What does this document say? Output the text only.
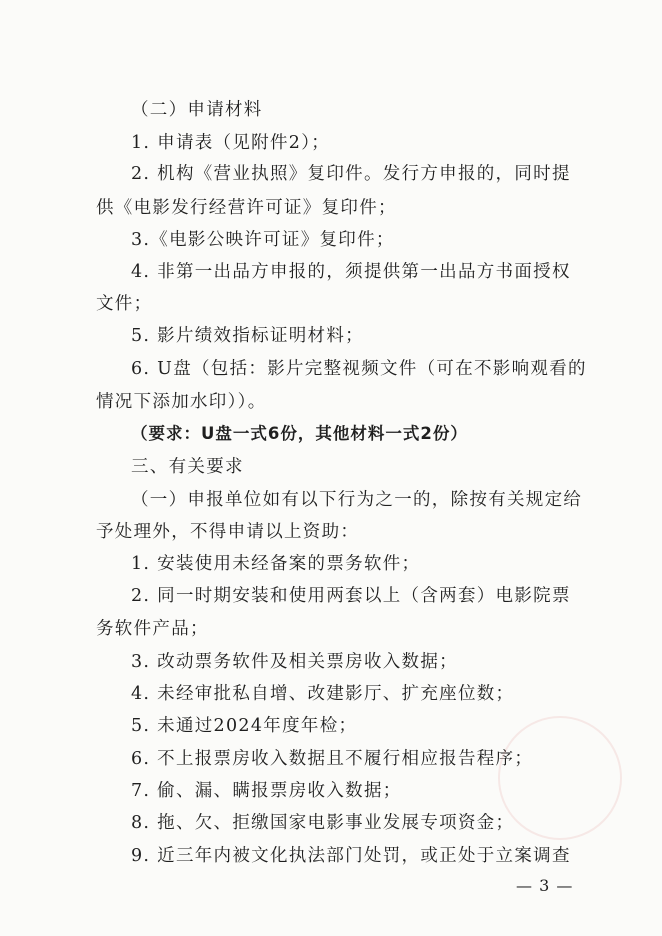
（二）申请材料
1. 申请表（见附件2）；
2. 机构《营业执照》复印件。发行方申报的，同时提
供《电影发行经营许可证》复印件；
3.《电影公映许可证》复印件；
4. 非第一出品方申报的，须提供第一出品方书面授权
文件；
5. 影片绩效指标证明材料；
6. U盘（包括：影片完整视频文件（可在不影响观看的
情况下添加水印））。
（要求：U盘一式6份，其他材料一式2份）
三、有关要求
（一）申报单位如有以下行为之一的，除按有关规定给
予处理外，不得申请以上资助：
1. 安装使用未经备案的票务软件；
2. 同一时期安装和使用两套以上（含两套）电影院票
务软件产品；
3. 改动票务软件及相关票房收入数据；
4. 未经审批私自增、改建影厅、扩充座位数；
5. 未通过2024年度年检；
6. 不上报票房收入数据且不履行相应报告程序；
7. 偷、漏、瞒报票房收入数据；
8. 拖、欠、拒缴国家电影事业发展专项资金；
9. 近三年内被文化执法部门处罚，或正处于立案调查
— 3 —
